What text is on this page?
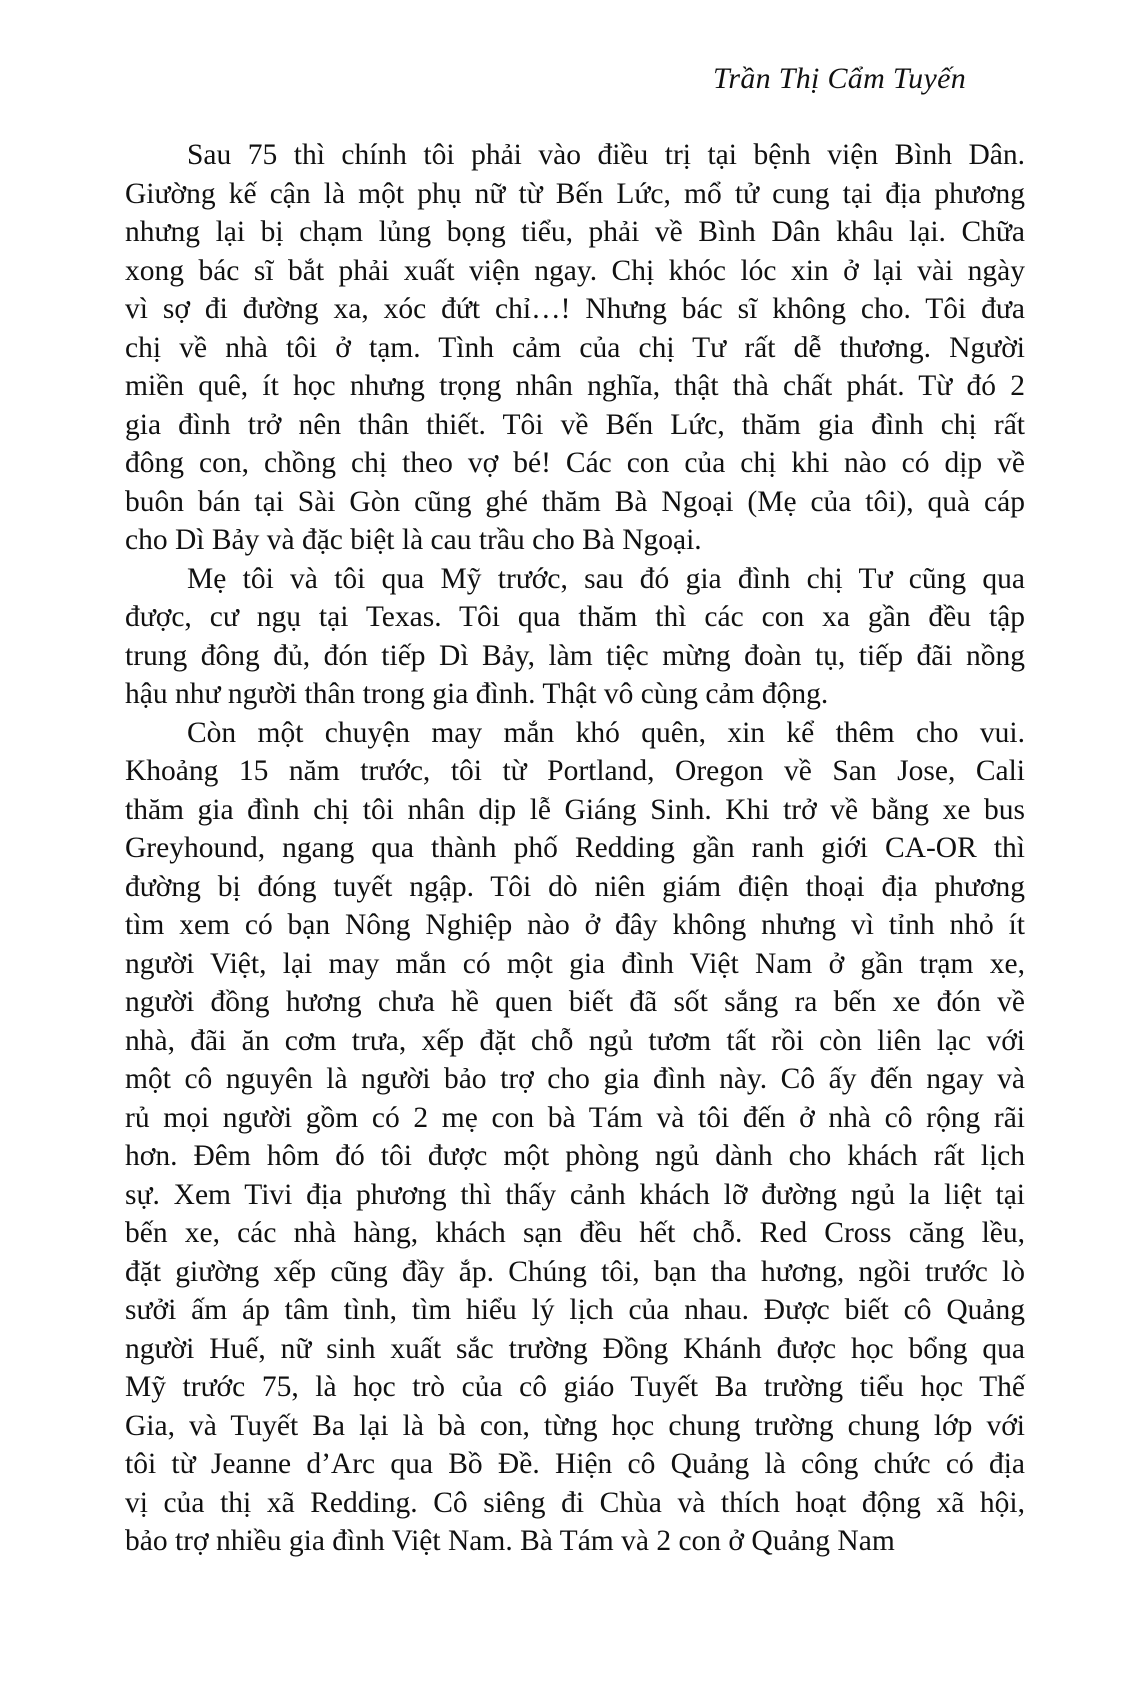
Trần Thị Cẩm Tuyến
Sau 75 thì chính tôi phải vào điều trị tại bệnh viện Bình Dân.
Giường kế cận là một phụ nữ từ Bến Lức, mổ tử cung tại địa phương
nhưng lại bị chạm lủng bọng tiểu, phải về Bình Dân khâu lại. Chữa
xong bác sĩ bắt phải xuất viện ngay. Chị khóc lóc xin ở lại vài ngày
vì sợ đi đường xa, xóc đứt chỉ…! Nhưng bác sĩ không cho. Tôi đưa
chị về nhà tôi ở tạm. Tình cảm của chị Tư rất dễ thương. Người
miền quê, ít học nhưng trọng nhân nghĩa, thật thà chất phát. Từ đó 2
gia đình trở nên thân thiết. Tôi về Bến Lức, thăm gia đình chị rất
đông con, chồng chị theo vợ bé! Các con của chị khi nào có dịp về
buôn bán tại Sài Gòn cũng ghé thăm Bà Ngoại (Mẹ của tôi), quà cáp
cho Dì Bảy và đặc biệt là cau trầu cho Bà Ngoại.
Mẹ tôi và tôi qua Mỹ trước, sau đó gia đình chị Tư cũng qua
được, cư ngụ tại Texas. Tôi qua thăm thì các con xa gần đều tập
trung đông đủ, đón tiếp Dì Bảy, làm tiệc mừng đoàn tụ, tiếp đãi nồng
hậu như người thân trong gia đình. Thật vô cùng cảm động.
Còn một chuyện may mắn khó quên, xin kể thêm cho vui.
Khoảng 15 năm trước, tôi từ Portland, Oregon về San Jose, Cali
thăm gia đình chị tôi nhân dịp lễ Giáng Sinh. Khi trở về bằng xe bus
Greyhound, ngang qua thành phố Redding gần ranh giới CA-OR thì
đường bị đóng tuyết ngập. Tôi dò niên giám điện thoại địa phương
tìm xem có bạn Nông Nghiệp nào ở đây không nhưng vì tỉnh nhỏ ít
người Việt, lại may mắn có một gia đình Việt Nam ở gần trạm xe,
người đồng hương chưa hề quen biết đã sốt sắng ra bến xe đón về
nhà, đãi ăn cơm trưa, xếp đặt chỗ ngủ tươm tất rồi còn liên lạc với
một cô nguyên là người bảo trợ cho gia đình này. Cô ấy đến ngay và
rủ mọi người gồm có 2 mẹ con bà Tám và tôi đến ở nhà cô rộng rãi
hơn. Đêm hôm đó tôi được một phòng ngủ dành cho khách rất lịch
sự. Xem Tivi địa phương thì thấy cảnh khách lỡ đường ngủ la liệt tại
bến xe, các nhà hàng, khách sạn đều hết chỗ. Red Cross căng lều,
đặt giường xếp cũng đầy ắp. Chúng tôi, bạn tha hương, ngồi trước lò
sưởi ấm áp tâm tình, tìm hiểu lý lịch của nhau. Được biết cô Quảng
người Huế, nữ sinh xuất sắc trường Đồng Khánh được học bổng qua
Mỹ trước 75, là học trò của cô giáo Tuyết Ba trường tiểu học Thế
Gia, và Tuyết Ba lại là bà con, từng học chung trường chung lớp với
tôi từ Jeanne d’Arc qua Bồ Đề. Hiện cô Quảng là công chức có địa
vị của thị xã Redding. Cô siêng đi Chùa và thích hoạt động xã hội,
bảo trợ nhiều gia đình Việt Nam. Bà Tám và 2 con ở Quảng Nam
